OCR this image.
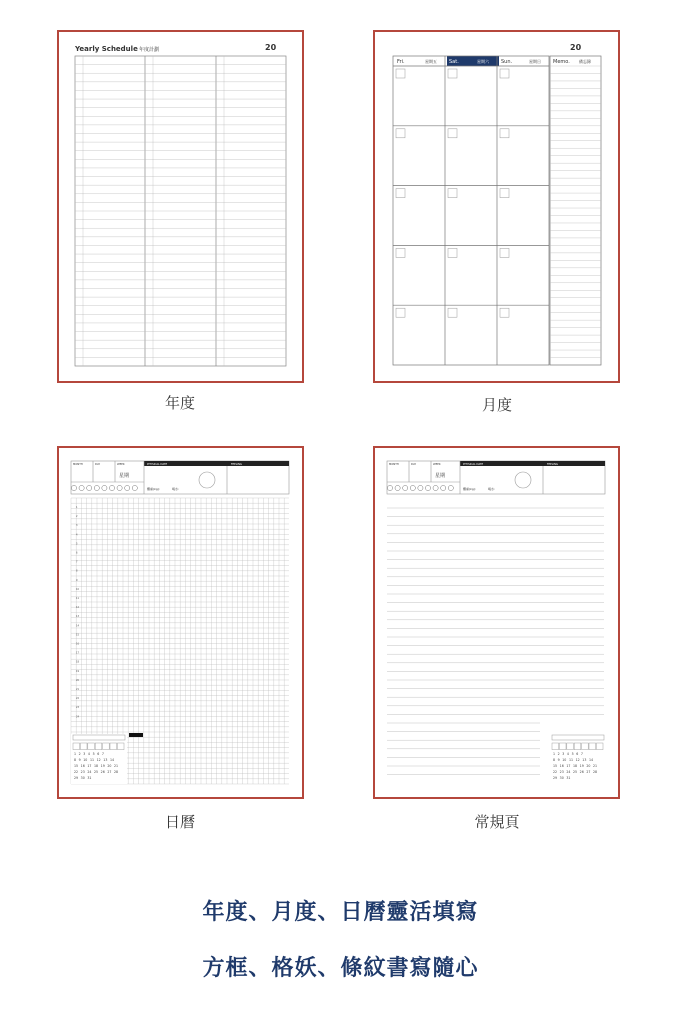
Yearly Schedule 年度計劃	20
年度
20
Fri.	星期五 Sat.	星期六 Sun.	星期日 Memo. 備忘錄
月度
MONTH	DAY	WEEK	PHYSICAL DATE	FEELING
星期
體重(kg):	喝水:
1
2
3
4
5
6
7
8
9
10
11
12
13
14
15
16
17
18
19
20
21
22
23
24
1 2 3 4 5 6 7
8 9 10 11 12 13 14
15 16 17 18 19 20 21
22 23 24 25 26 27 28
29 30 31
日曆
MONTH	DAY	WEEK	PHYSICAL DATE	FEELING
星期
體重(kg):	喝水:
1 2 3 4 5 6 7
8 9 10 11 12 13 14
15 16 17 18 19 20 21
22 23 24 25 26 27 28
29 30 31
常規頁
年度、月度、日曆靈活填寫
方框、格妖、條紋書寫隨心
